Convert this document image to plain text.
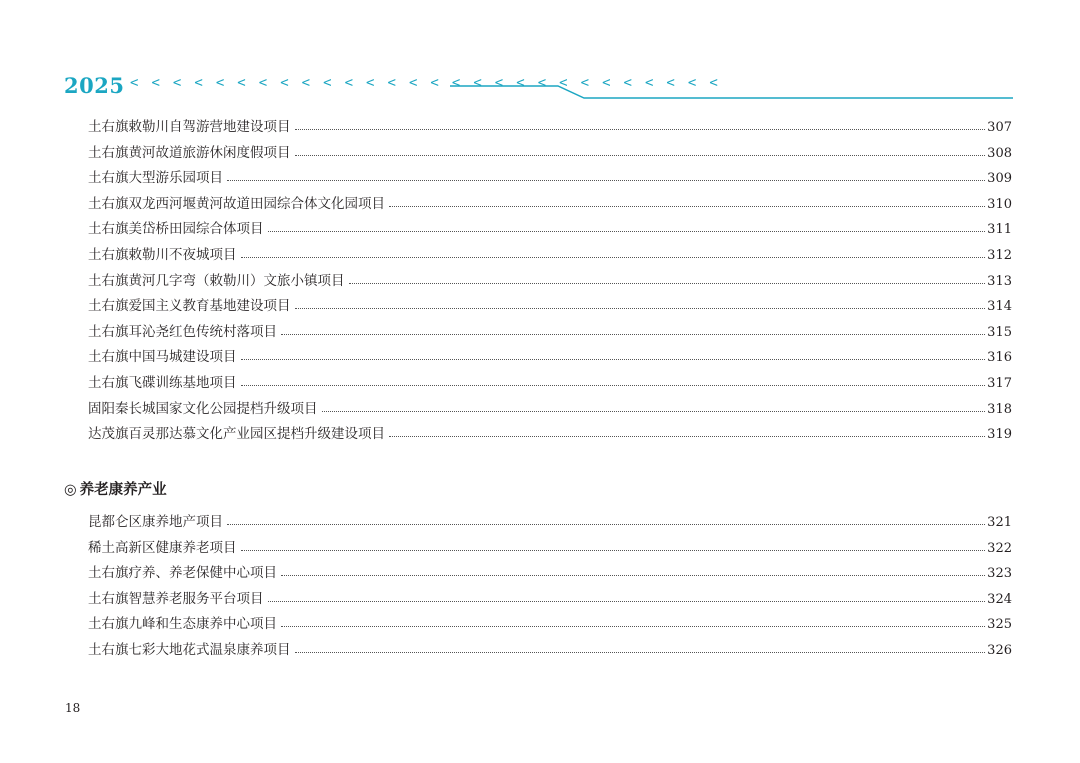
2025 < < < < < < < < < < < < < < < < < < < < < < < < < < < <
土右旗敕勒川自驾游营地建设项目	307
土右旗黄河故道旅游休闲度假项目	308
土右旗大型游乐园项目	309
土右旗双龙西河堰黄河故道田园综合体文化园项目	310
土右旗美岱桥田园综合体项目	311
土右旗敕勒川不夜城项目	312
土右旗黄河几字弯（敕勒川）文旅小镇项目	313
土右旗爱国主义教育基地建设项目	314
土右旗耳沁尧红色传统村落项目	315
土右旗中国马城建设项目	316
土右旗飞碟训练基地项目	317
固阳秦长城国家文化公园提档升级项目	318
达茂旗百灵那达慕文化产业园区提档升级建设项目	319
◎ 养老康养产业
昆都仑区康养地产项目	321
稀土高新区健康养老项目	322
土右旗疗养、养老保健中心项目	323
土右旗智慧养老服务平台项目	324
土右旗九峰和生态康养中心项目	325
土右旗七彩大地花式温泉康养项目	326
18
